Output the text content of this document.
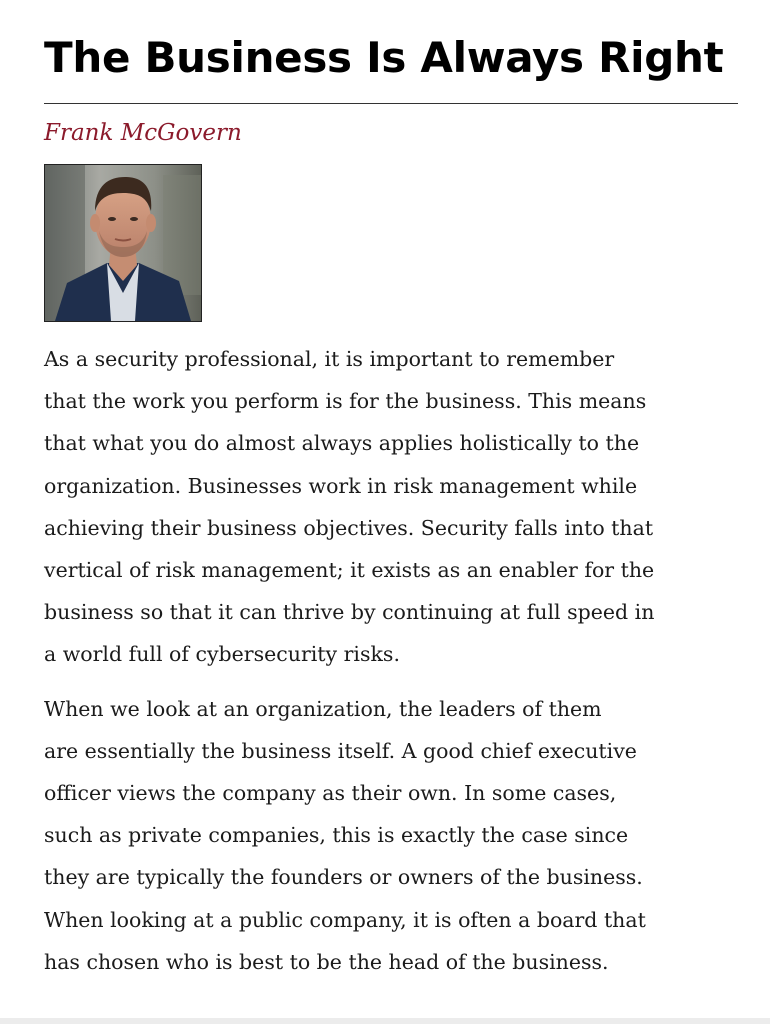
The Business Is Always Right
Frank McGovern

As a security professional, it is important to remember
that the work you perform is for the business. This means
that what you do almost always applies holistically to the
organization. Businesses work in risk management while
achieving their business objectives. Security falls into that
vertical of risk management; it exists as an enabler for the
business so that it can thrive by continuing at full speed in
a world full of cybersecurity risks.

When we look at an organization, the leaders of them
are essentially the business itself. A good chief executive
officer views the company as their own. In some cases,
such as private companies, this is exactly the case since
they are typically the founders or owners of the business.
When looking at a public company, it is often a board that
has chosen who is best to be the head of the business.
